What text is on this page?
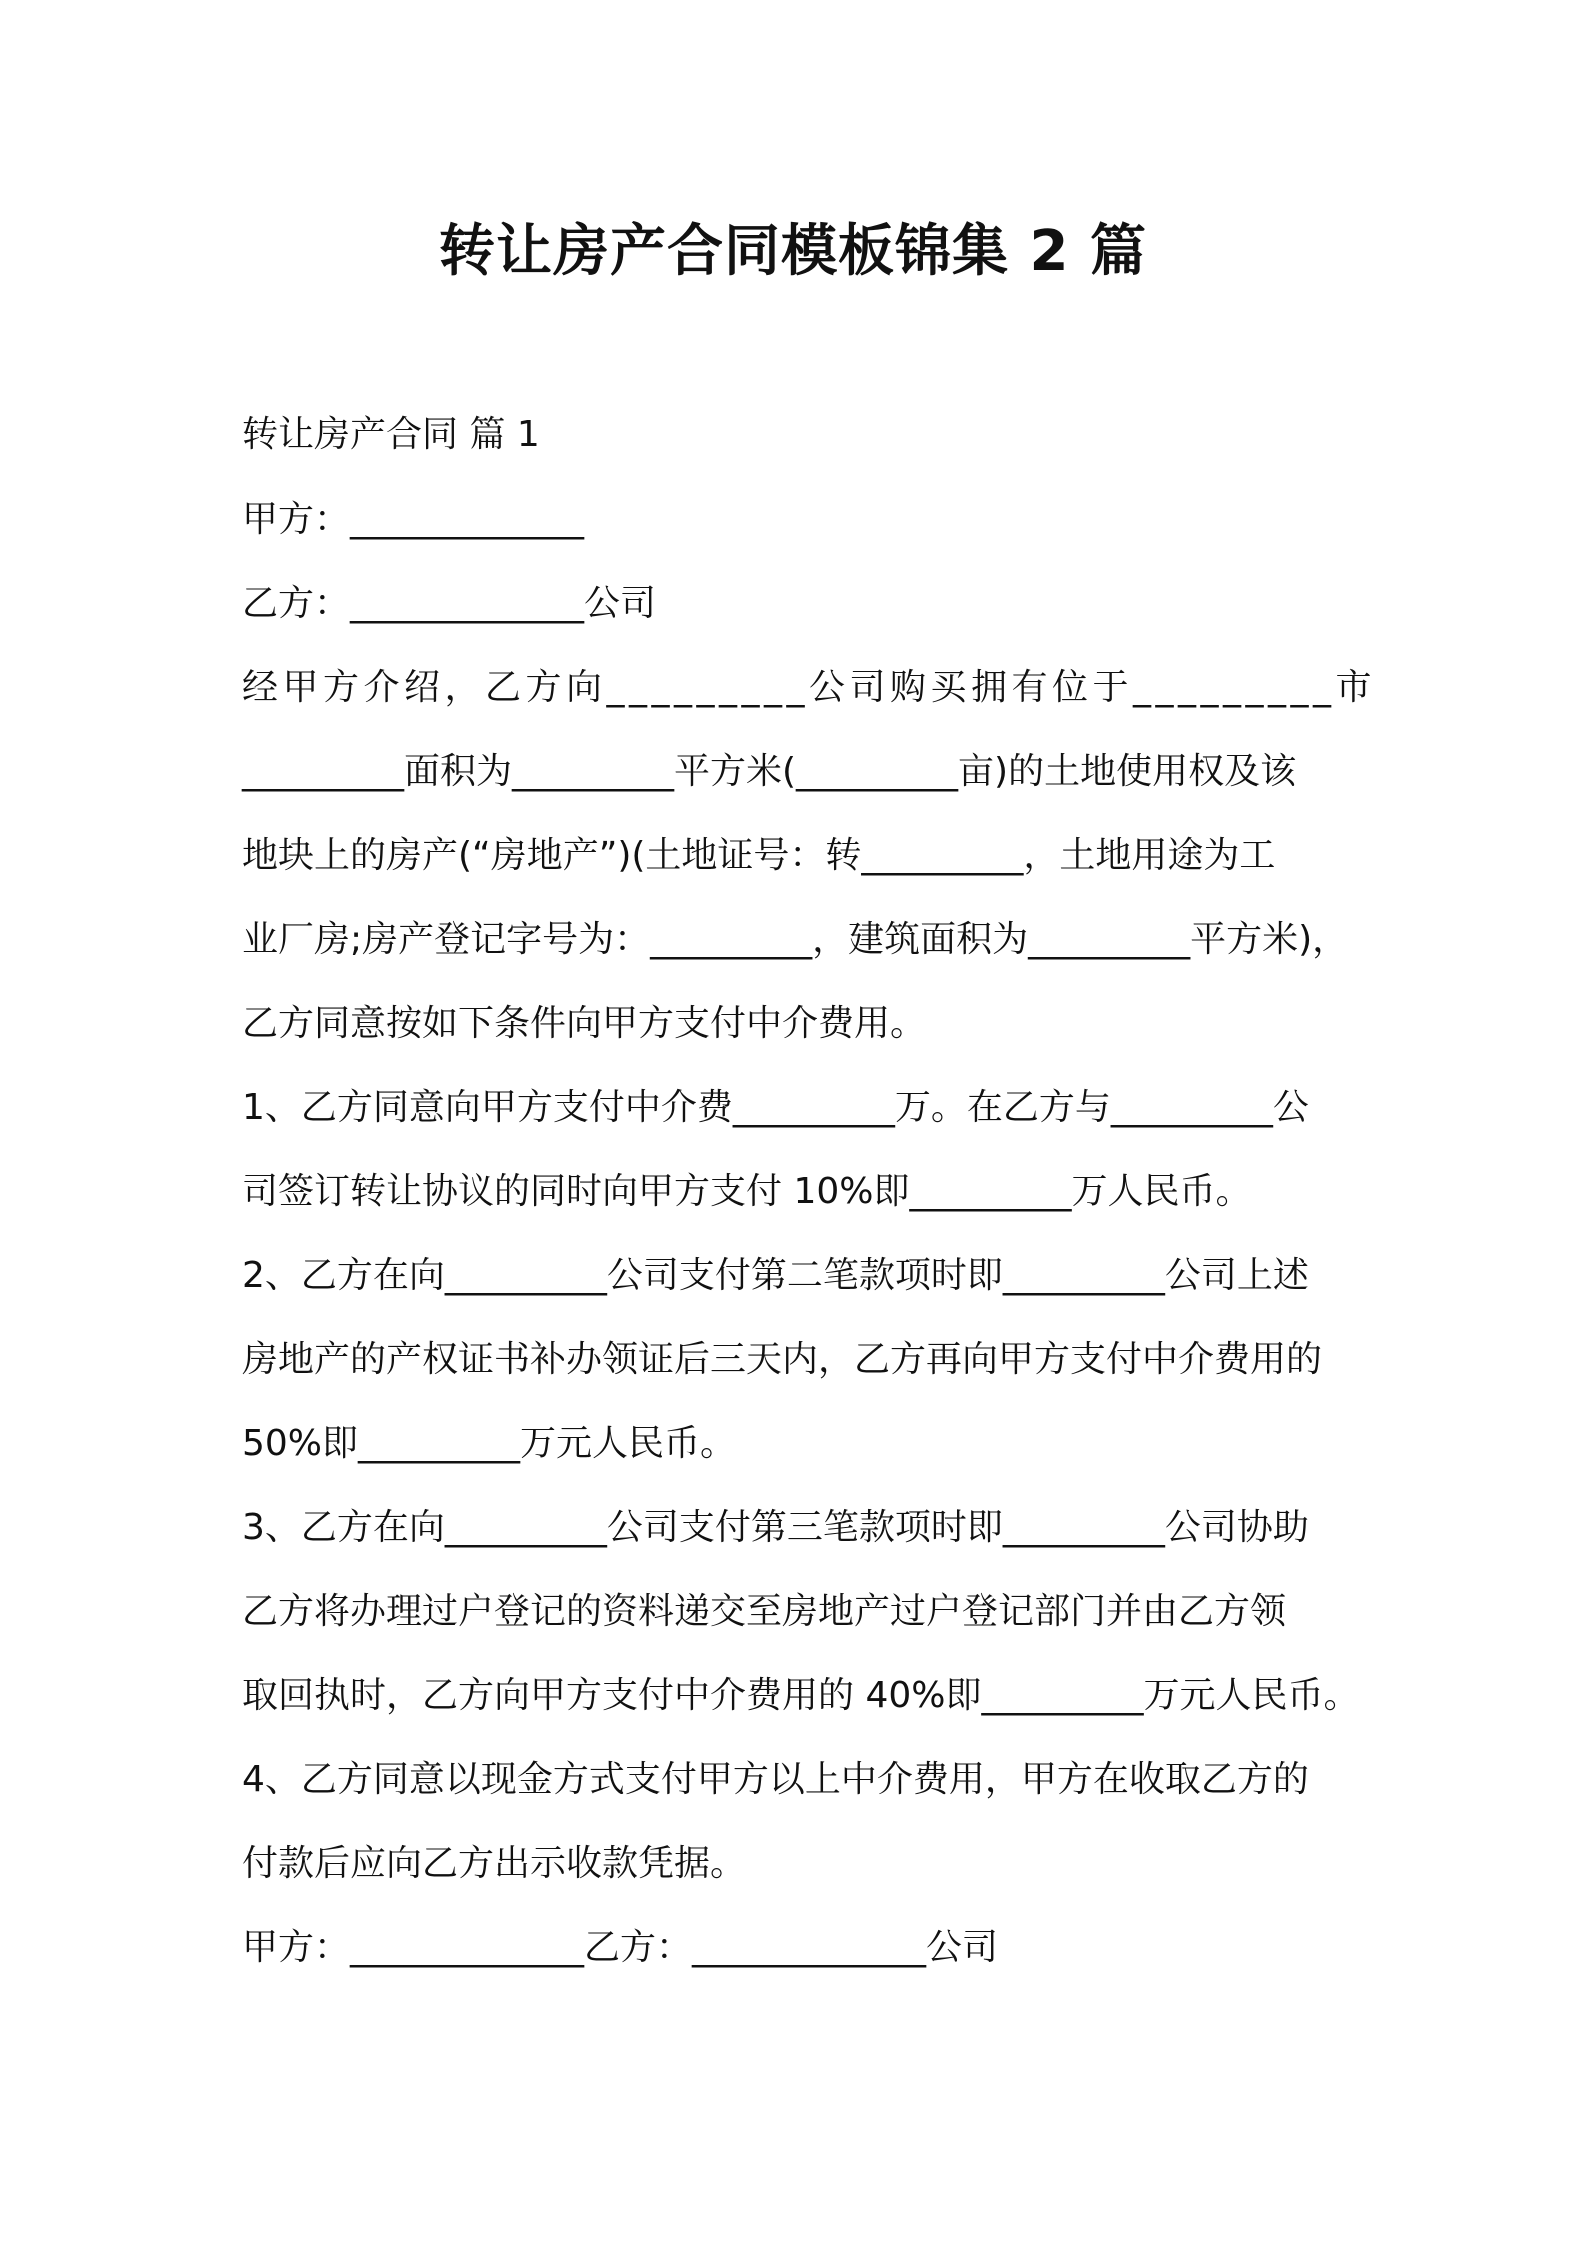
转让房产合同模板锦集 2 篇

转让房产合同 篇 1

甲方：_____________

乙方：_____________公司

经甲方介绍，乙方向_________公司购买拥有位于_________市

_________面积为_________平方米(_________亩)的土地使用权及该

地块上的房产(“房地产”)(土地证号：转_________，土地用途为工

业厂房;房产登记字号为：_________，建筑面积为_________平方米)，

乙方同意按如下条件向甲方支付中介费用。

1、乙方同意向甲方支付中介费_________万。在乙方与_________公

司签订转让协议的同时向甲方支付 10%即_________万人民币。

2、乙方在向_________公司支付第二笔款项时即_________公司上述

房地产的产权证书补办领证后三天内，乙方再向甲方支付中介费用的

50%即_________万元人民币。

3、乙方在向_________公司支付第三笔款项时即_________公司协助

乙方将办理过户登记的资料递交至房地产过户登记部门并由乙方领

取回执时，乙方向甲方支付中介费用的 40%即_________万元人民币。

4、乙方同意以现金方式支付甲方以上中介费用，甲方在收取乙方的

付款后应向乙方出示收款凭据。

甲方：_____________乙方：_____________公司
